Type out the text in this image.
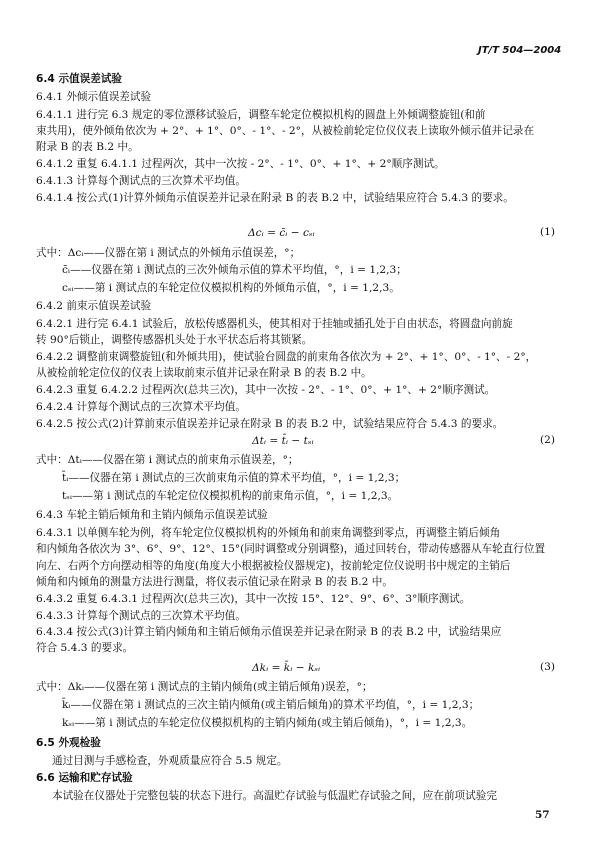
JT/T 504—2004
6.4 示值误差试验
6.4.1 外倾示值误差试验
6.4.1.1 进行完 6.3 规定的零位漂移试验后，调整车轮定位模拟机构的圆盘上外倾调整旋钮(和前
束共用)，使外倾角依次为 + 2°、+ 1°、0°、- 1°、- 2°，从被检前轮定位仪仪表上读取外倾示值并记录在
附录 B 的表 B.2 中。
6.4.1.2 重复 6.4.1.1 过程两次，其中一次按 - 2°、- 1°、0°、+ 1°、+ 2°顺序测试。
6.4.1.3 计算每个测试点的三次算术平均值。
6.4.1.4 按公式(1)计算外倾角示值误差并记录在附录 B 的表 B.2 中，试验结果应符合 5.4.3 的要求。
Δcᵢ = c̄ᵢ − cₛᵢ	(1)
式中：Δcᵢ——仪器在第 i 测试点的外倾角示值误差，°；
c̄ᵢ——仪器在第 i 测试点的三次外倾角示值的算术平均值，°，i = 1,2,3；
cₛᵢ——第 i 测试点的车轮定位仪模拟机构的外倾角示值，°，i = 1,2,3。
6.4.2 前束示值误差试验
6.4.2.1 进行完 6.4.1 试验后，放松传感器机头，使其相对于挂轴或插孔处于自由状态，将圆盘向前旋
转 90°后锁止，调整传感器机头处于水平状态后将其锁紧。
6.4.2.2 调整前束调整旋钮(和外倾共用)，使试验台圆盘的前束角各依次为 + 2°、+ 1°、0°、- 1°、- 2°，
从被检前轮定位仪的仪表上读取前束示值并记录在附录 B 的表 B.2 中。
6.4.2.3 重复 6.4.2.2 过程两次(总共三次)，其中一次按 - 2°、- 1°、0°、+ 1°、+ 2°顺序测试。
6.4.2.4 计算每个测试点的三次算术平均值。
6.4.2.5 按公式(2)计算前束示值误差并记录在附录 B 的表 B.2 中，试验结果应符合 5.4.3 的要求。
Δtᵢ = t̄ᵢ − tₛᵢ	(2)
式中：Δtᵢ——仪器在第 i 测试点的前束角示值误差，°；
t̄ᵢ——仪器在第 i 测试点的三次前束角示值的算术平均值，°，i = 1,2,3；
tₛᵢ——第 i 测试点的车轮定位仪模拟机构的前束角示值，°，i = 1,2,3。
6.4.3 车轮主销后倾角和主销内倾角示值误差试验
6.4.3.1 以单侧车轮为例，将车轮定位仪模拟机构的外倾角和前束角调整到零点，再调整主销后倾角
和内倾角各依次为 3°、6°、9°、12°、15°(同时调整或分别调整)，通过回转台，带动传感器从车轮直行位置
向左、右两个方向摆动相等的角度(角度大小根据被检仪器规定)，按前轮定位仪说明书中规定的主销后
倾角和内倾角的测量方法进行测量，将仪表示值记录在附录 B 的表 B.2 中。
6.4.3.2 重复 6.4.3.1 过程两次(总共三次)，其中一次按 15°、12°、9°、6°、3°顺序测试。
6.4.3.3 计算每个测试点的三次算术平均值。
6.4.3.4 按公式(3)计算主销内倾角和主销后倾角示值误差并记录在附录 B 的表 B.2 中，试验结果应
符合 5.4.3 的要求。
Δkᵢ = k̄ᵢ − kₛᵢ	(3)
式中：Δkᵢ——仪器在第 i 测试点的主销内倾角(或主销后倾角)误差，°；
k̄ᵢ——仪器在第 i 测试点的三次主销内倾角(或主销后倾角)的算术平均值，°，i = 1,2,3；
kₛᵢ——第 i 测试点的车轮定位仪模拟机构的主销内倾角(或主销后倾角)，°，i = 1,2,3。
6.5 外观检验
通过目测与手感检查，外观质量应符合 5.5 规定。
6.6 运输和贮存试验
本试验在仪器处于完整包装的状态下进行。高温贮存试验与低温贮存试验之间，应在前项试验完
57
